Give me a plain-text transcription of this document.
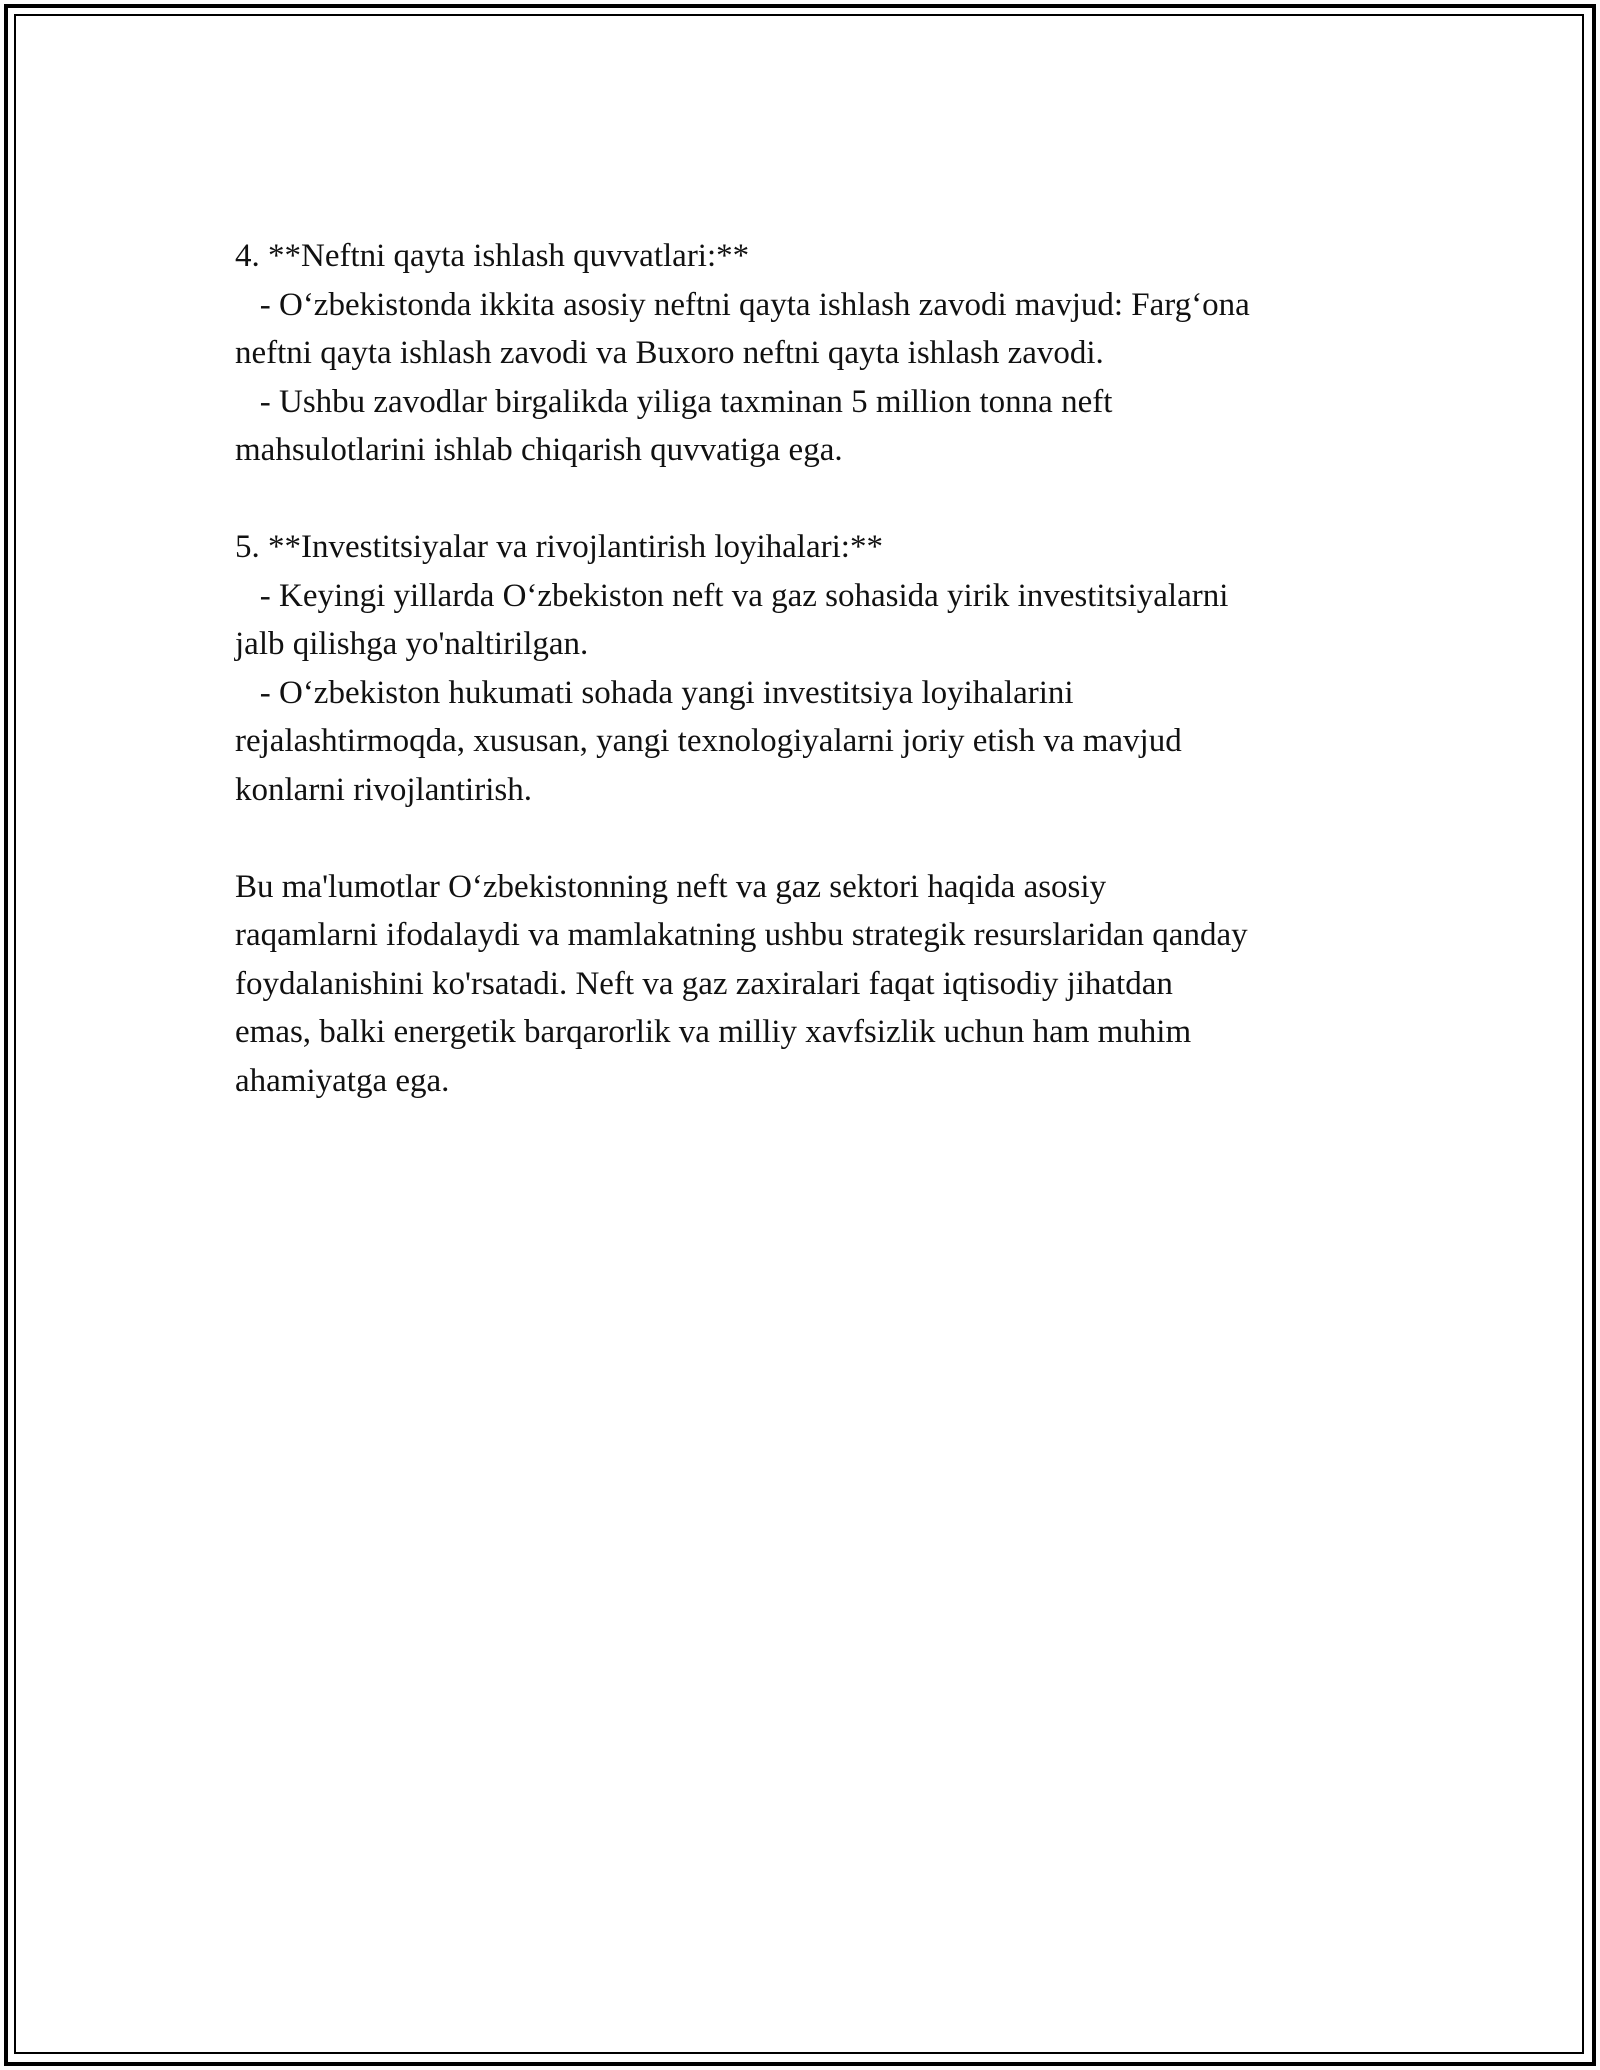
4. **Neftni qayta ishlash quvvatlari:**
- O‘zbekistonda ikkita asosiy neftni qayta ishlash zavodi mavjud: Farg‘ona
neftni qayta ishlash zavodi va Buxoro neftni qayta ishlash zavodi.
- Ushbu zavodlar birgalikda yiliga taxminan 5 million tonna neft
mahsulotlarini ishlab chiqarish quvvatiga ega.
5. **Investitsiyalar va rivojlantirish loyihalari:**
- Keyingi yillarda O‘zbekiston neft va gaz sohasida yirik investitsiyalarni
jalb qilishga yo'naltirilgan.
- O‘zbekiston hukumati sohada yangi investitsiya loyihalarini
rejalashtirmoqda, xususan, yangi texnologiyalarni joriy etish va mavjud
konlarni rivojlantirish.
Bu ma'lumotlar O‘zbekistonning neft va gaz sektori haqida asosiy
raqamlarni ifodalaydi va mamlakatning ushbu strategik resurslaridan qanday
foydalanishini ko'rsatadi. Neft va gaz zaxiralari faqat iqtisodiy jihatdan
emas, balki energetik barqarorlik va milliy xavfsizlik uchun ham muhim
ahamiyatga ega.
